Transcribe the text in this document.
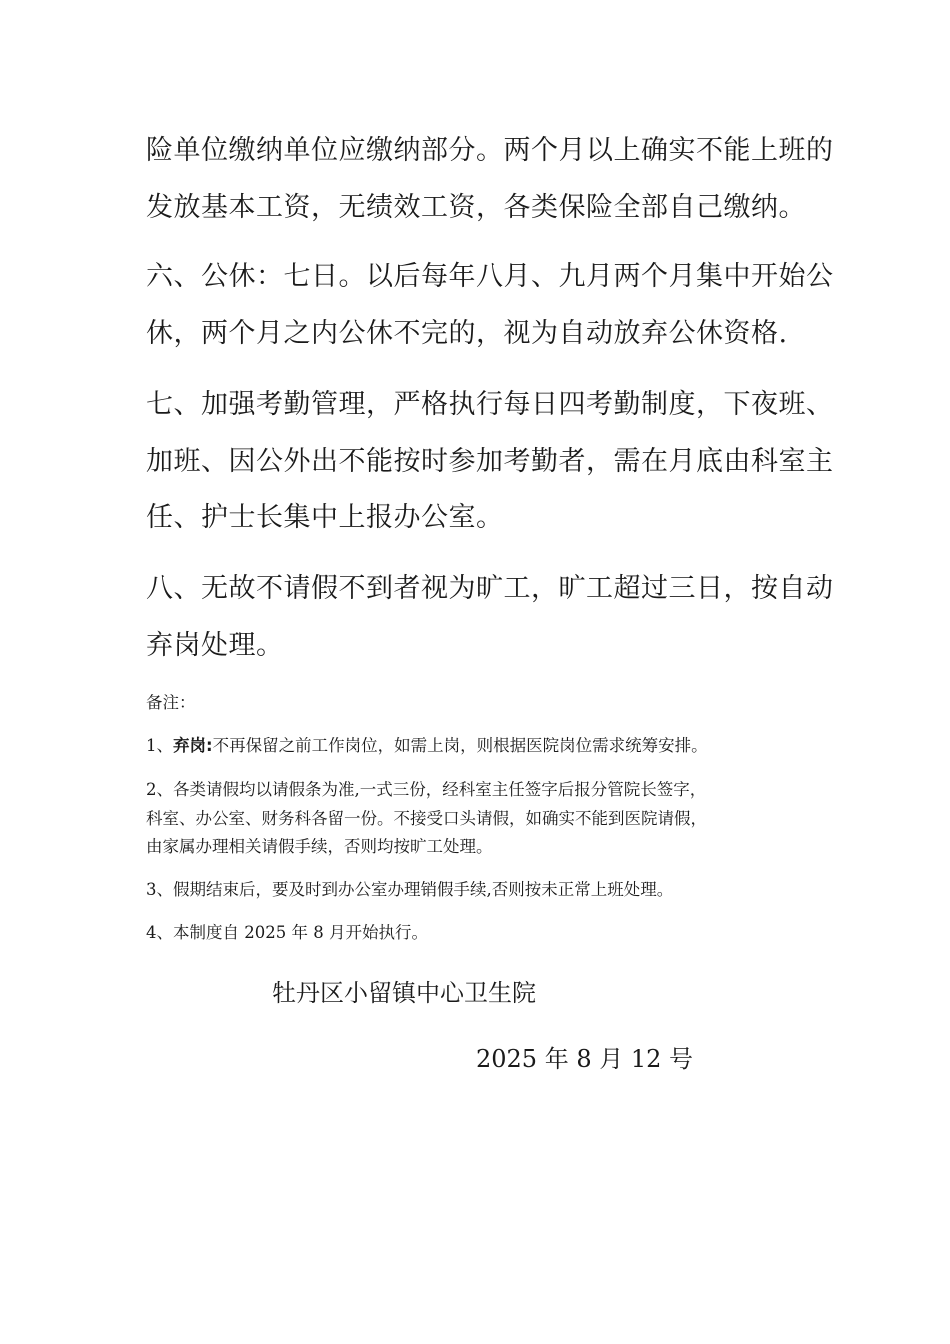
险单位缴纳单位应缴纳部分。两个月以上确实不能上班的
发放基本工资，无绩效工资，各类保险全部自己缴纳。
六、公休：七日。以后每年八月、九月两个月集中开始公
休，两个月之内公休不完的，视为自动放弃公休资格.
七、加强考勤管理，严格执行每日四考勤制度，下夜班、
加班、因公外出不能按时参加考勤者，需在月底由科室主
任、护士长集中上报办公室。
八、无故不请假不到者视为旷工，旷工超过三日，按自动
弃岗处理。
备注：
1、弃岗:不再保留之前工作岗位，如需上岗，则根据医院岗位需求统筹安排。
2、各类请假均以请假条为准,一式三份，经科室主任签字后报分管院长签字，
科室、办公室、财务科各留一份。不接受口头请假，如确实不能到医院请假，
由家属办理相关请假手续，否则均按旷工处理。
3、假期结束后，要及时到办公室办理销假手续,否则按未正常上班处理。
4、本制度自 2025 年 8 月开始执行。
牡丹区小留镇中心卫生院
2025 年 8 月 12 号
